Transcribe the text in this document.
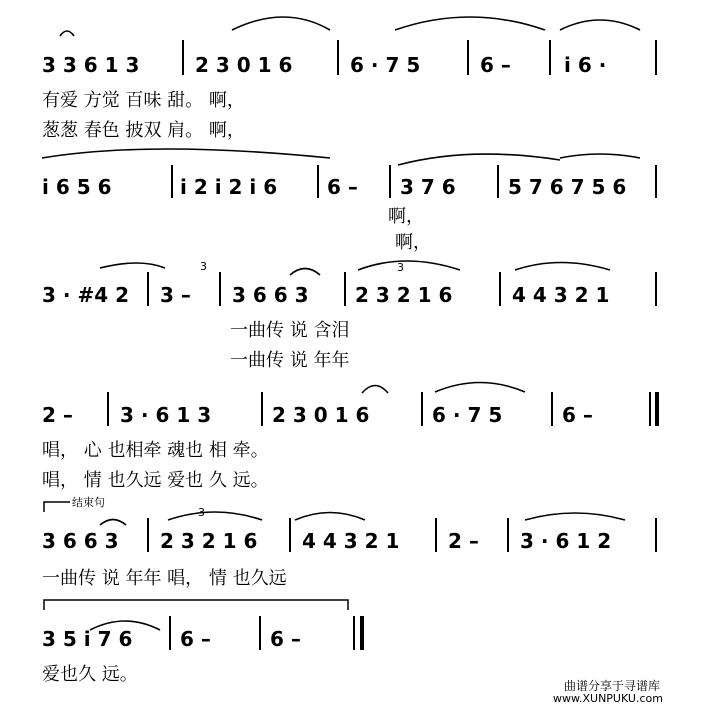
3	3
3
3 3 6 1 3	2 3 0 1 6	6 · 7 5	6 –	i 6 ·
i 6 5 6	i 2 i 2 i 6 6 – 3 7 6	5 7 6 7 5 6
3 · #4 2 3 – 3 6 6 3 2 3 2 1 6	4 4 3 2 1
2 – 3 · 6 1 3	2 3 0 1 6	6 · 7 5	6 –
3 6 6 3 2 3 2 1 6 4 4 3 2 1 2 – 3 · 6 1 2
3 5 i 7 6 6 –	6 –
有爱 方觉 百味 甜。 啊，
葱葱 春色 披双 肩。 啊，
啊，
啊，
一曲传 说 含泪
一曲传 说 年年
唱， 心 也相牵 魂也 相 牵。
唱， 情 也久远 爱也 久 远。
一曲传 说 年年 唱， 情 也久远
爱也久 远。
结束句
曲谱分享于寻谱库
www.XUNPUKU.com
